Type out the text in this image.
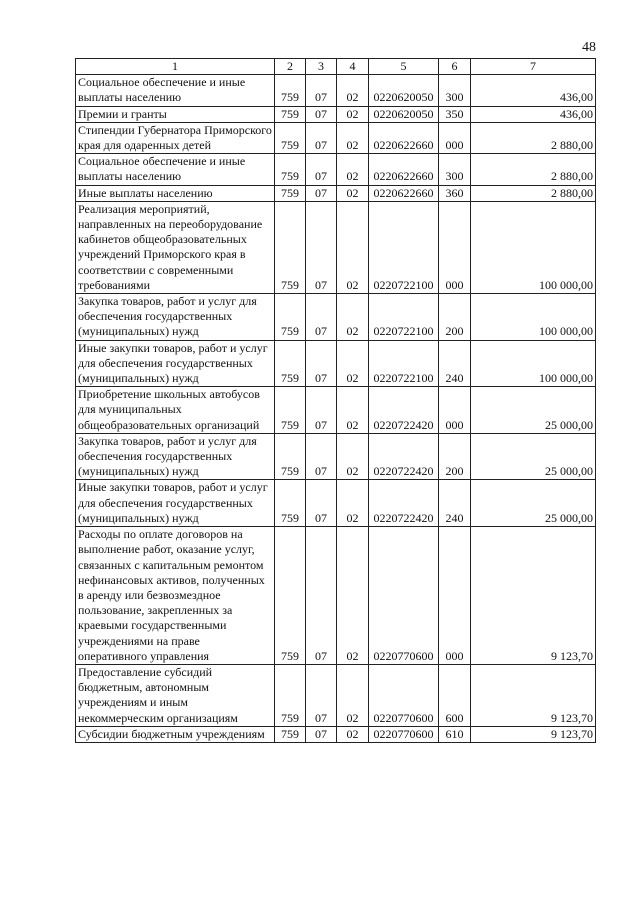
48
1	2	3	4	5	6	7
Социальное обеспечение и иные выплаты населению	759	07	02	0220620050	300	436,00
Премии и гранты	759	07	02	0220620050	350	436,00
Стипендии Губернатора Приморского края для одаренных детей	759	07	02	0220622660	000	2 880,00
Социальное обеспечение и иные выплаты населению	759	07	02	0220622660	300	2 880,00
Иные выплаты населению	759	07	02	0220622660	360	2 880,00
Реализация мероприятий, направленных на переоборудование кабинетов общеобразовательных учреждений Приморского края в соответствии с современными требованиями	759	07	02	0220722100	000	100 000,00
Закупка товаров, работ и услуг для обеспечения государственных (муниципальных) нужд	759	07	02	0220722100	200	100 000,00
Иные закупки товаров, работ и услуг для обеспечения государственных (муниципальных) нужд	759	07	02	0220722100	240	100 000,00
Приобретение школьных автобусов для муниципальных общеобразовательных организаций	759	07	02	0220722420	000	25 000,00
Закупка товаров, работ и услуг для обеспечения государственных (муниципальных) нужд	759	07	02	0220722420	200	25 000,00
Иные закупки товаров, работ и услуг для обеспечения государственных (муниципальных) нужд	759	07	02	0220722420	240	25 000,00
Расходы по оплате договоров на выполнение работ, оказание услуг, связанных с капитальным ремонтом нефинансовых активов, полученных в аренду или безвозмездное пользование, закрепленных за краевыми государственными учреждениями на праве оперативного управления	759	07	02	0220770600	000	9 123,70
Предоставление субсидий бюджетным, автономным учреждениям и иным некоммерческим организациям	759	07	02	0220770600	600	9 123,70
Субсидии бюджетным учреждениям	759	07	02	0220770600	610	9 123,70
